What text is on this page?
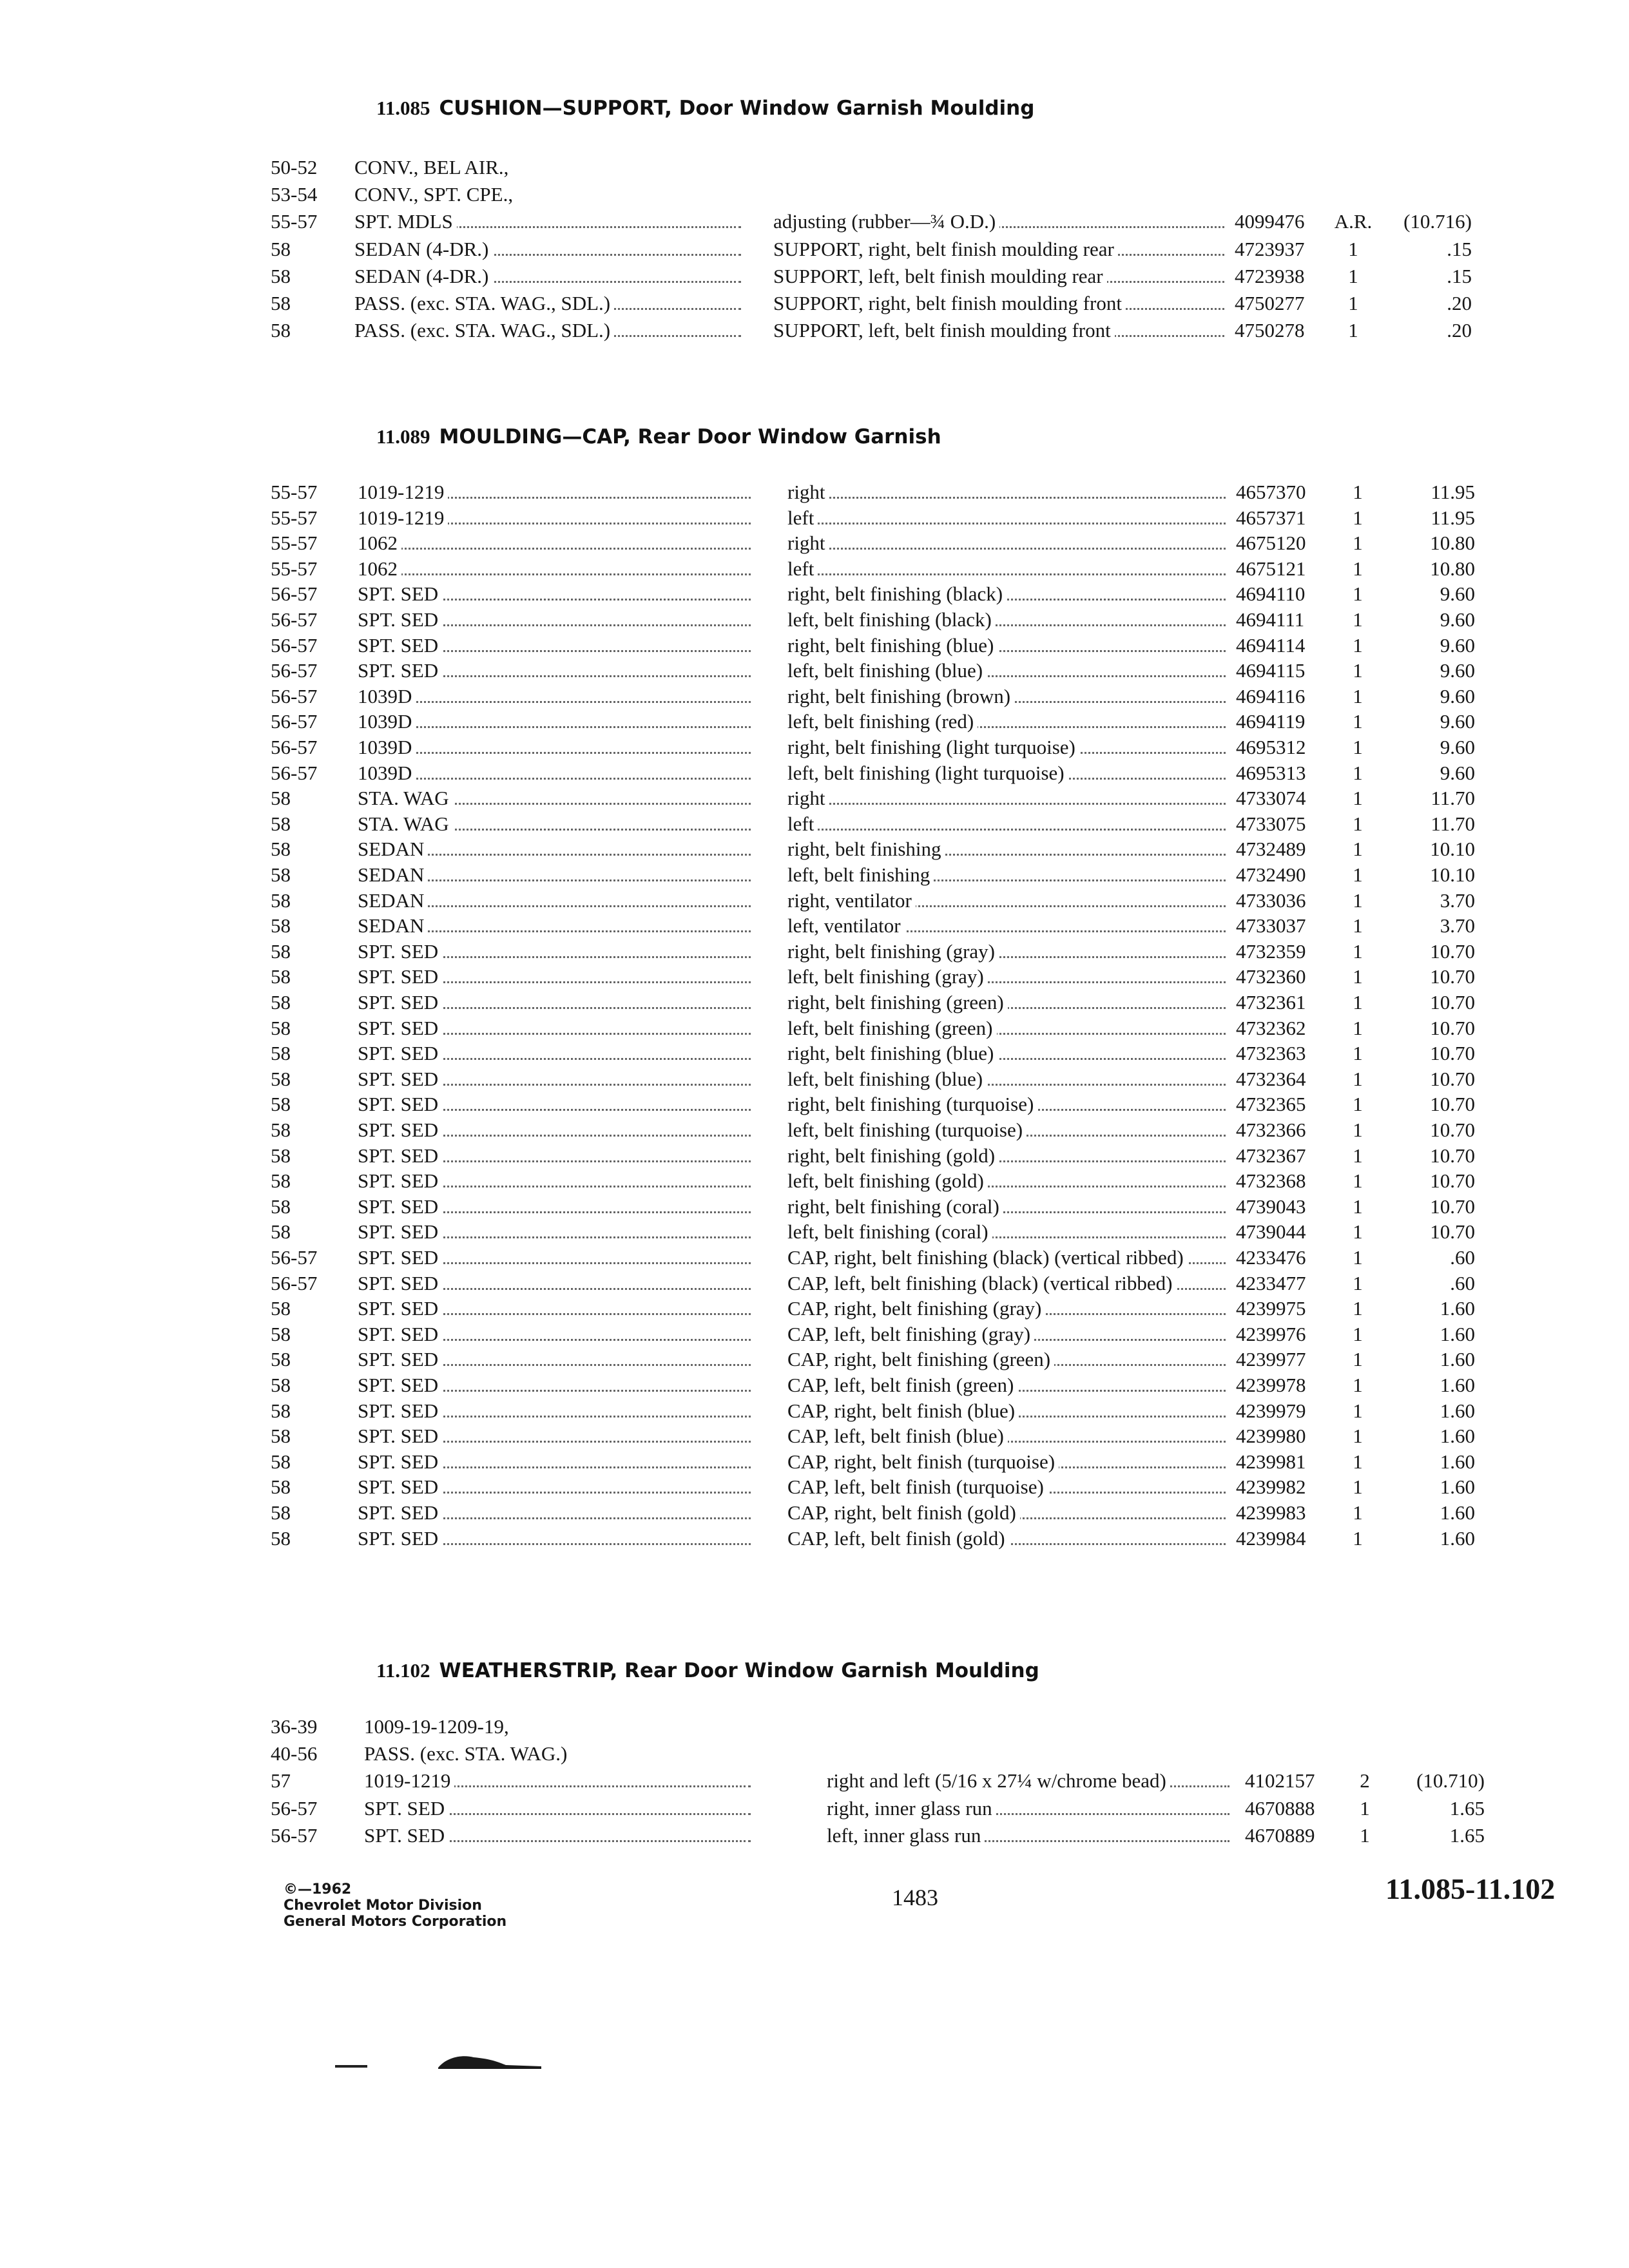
11.085 CUSHION—SUPPORT, Door Window Garnish Moulding
50-52	CONV., BEL AIR.,
53-54	CONV., SPT. CPE.,
55-57	SPT. MDLS	adjusting (rubber—¾ O.D.)	4099476	A.R.	(10.716)
58	SEDAN (4-DR.)	SUPPORT, right, belt finish moulding rear	4723937	1	.15
58	SEDAN (4-DR.)	SUPPORT, left, belt finish moulding rear	4723938	1	.15
58	PASS. (exc. STA. WAG., SDL.)	SUPPORT, right, belt finish moulding front	4750277	1	.20
58	PASS. (exc. STA. WAG., SDL.)	SUPPORT, left, belt finish moulding front	4750278	1	.20
11.089 MOULDING—CAP, Rear Door Window Garnish
55-57	1019-1219	right	4657370	1	11.95
55-57	1019-1219	left	4657371	1	11.95
55-57	1062	right	4675120	1	10.80
55-57	1062	left	4675121	1	10.80
56-57	SPT. SED	right, belt finishing (black)	4694110	1	9.60
56-57	SPT. SED	left, belt finishing (black)	4694111	1	9.60
56-57	SPT. SED	right, belt finishing (blue)	4694114	1	9.60
56-57	SPT. SED	left, belt finishing (blue)	4694115	1	9.60
56-57	1039D	right, belt finishing (brown)	4694116	1	9.60
56-57	1039D	left, belt finishing (red)	4694119	1	9.60
56-57	1039D	right, belt finishing (light turquoise)	4695312	1	9.60
56-57	1039D	left, belt finishing (light turquoise)	4695313	1	9.60
58	STA. WAG	right	4733074	1	11.70
58	STA. WAG	left	4733075	1	11.70
58	SEDAN	right, belt finishing	4732489	1	10.10
58	SEDAN	left, belt finishing	4732490	1	10.10
58	SEDAN	right, ventilator	4733036	1	3.70
58	SEDAN	left, ventilator	4733037	1	3.70
58	SPT. SED	right, belt finishing (gray)	4732359	1	10.70
58	SPT. SED	left, belt finishing (gray)	4732360	1	10.70
58	SPT. SED	right, belt finishing (green)	4732361	1	10.70
58	SPT. SED	left, belt finishing (green)	4732362	1	10.70
58	SPT. SED	right, belt finishing (blue)	4732363	1	10.70
58	SPT. SED	left, belt finishing (blue)	4732364	1	10.70
58	SPT. SED	right, belt finishing (turquoise)	4732365	1	10.70
58	SPT. SED	left, belt finishing (turquoise)	4732366	1	10.70
58	SPT. SED	right, belt finishing (gold)	4732367	1	10.70
58	SPT. SED	left, belt finishing (gold)	4732368	1	10.70
58	SPT. SED	right, belt finishing (coral)	4739043	1	10.70
58	SPT. SED	left, belt finishing (coral)	4739044	1	10.70
56-57	SPT. SED	CAP, right, belt finishing (black) (vertical ribbed)	4233476	1	.60
56-57	SPT. SED	CAP, left, belt finishing (black) (vertical ribbed)	4233477	1	.60
58	SPT. SED	CAP, right, belt finishing (gray)	4239975	1	1.60
58	SPT. SED	CAP, left, belt finishing (gray)	4239976	1	1.60
58	SPT. SED	CAP, right, belt finishing (green)	4239977	1	1.60
58	SPT. SED	CAP, left, belt finish (green)	4239978	1	1.60
58	SPT. SED	CAP, right, belt finish (blue)	4239979	1	1.60
58	SPT. SED	CAP, left, belt finish (blue)	4239980	1	1.60
58	SPT. SED	CAP, right, belt finish (turquoise)	4239981	1	1.60
58	SPT. SED	CAP, left, belt finish (turquoise)	4239982	1	1.60
58	SPT. SED	CAP, right, belt finish (gold)	4239983	1	1.60
58	SPT. SED	CAP, left, belt finish (gold)	4239984	1	1.60
11.102 WEATHERSTRIP, Rear Door Window Garnish Moulding
36-39	1009-19-1209-19,
40-56	PASS. (exc. STA. WAG.)
57	1019-1219	right and left (5/16 x 27¼ w/chrome bead)	4102157	2	(10.710)
56-57	SPT. SED	right, inner glass run	4670888	1	1.65
56-57	SPT. SED	left, inner glass run	4670889	1	1.65
©—1962
Chevrolet Motor Division
General Motors Corporation
1483	11.085-11.102
